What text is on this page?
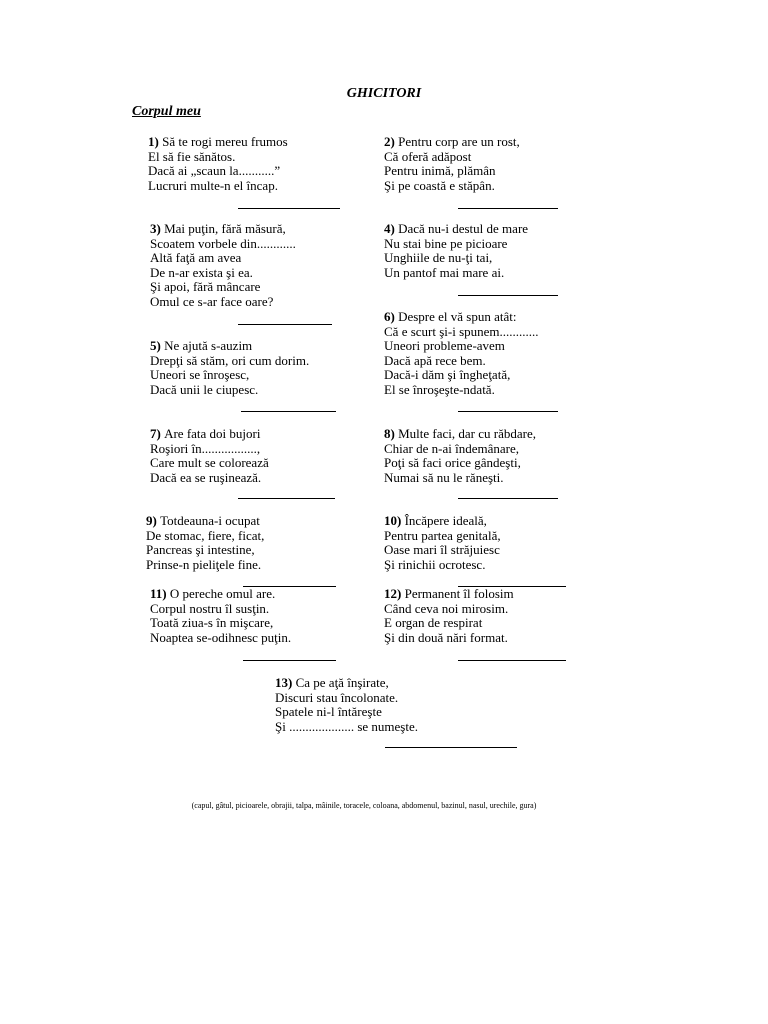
GHICITORI
Corpul meu
1) Să te rogi mereu frumos
El să fie sănătos.
Dacă ai „scaun la...........”
Lucruri multe-n el încap.
2) Pentru corp are un rost,
Că oferă adăpost
Pentru inimă, plămân
Şi pe coastă e stăpân.
3) Mai puţin, fără măsură,
Scoatem vorbele din............
Altă faţă am avea
De n-ar exista şi ea.
Şi apoi, fără mâncare
Omul ce s-ar face oare?
4) Dacă nu-i destul de mare
Nu stai bine pe picioare
Unghiile de nu-ţi tai,
Un pantof mai mare ai.
5) Ne ajută s-auzim
Drepţi să stăm, ori cum dorim.
Uneori se înroşesc,
Dacă unii le ciupesc.
6) Despre el vă spun atât:
Că e scurt şi-i spunem............
Uneori probleme-avem
Dacă apă rece bem.
Dacă-i dăm şi îngheţată,
El se înroşeşte-ndată.
7) Are fata doi bujori
Roşiori în.................,
Care mult se colorează
Dacă ea se ruşinează.
8) Multe faci, dar cu răbdare,
Chiar de n-ai îndemânare,
Poţi să faci orice gândeşti,
Numai să nu le răneşti.
9) Totdeauna-i ocupat
De stomac, fiere, ficat,
Pancreas şi intestine,
Prinse-n pieliţele fine.
10) Încăpere ideală,
Pentru partea genitală,
Oase mari îl străjuiesc
Şi rinichii ocrotesc.
11) O pereche omul are.
Corpul nostru îl susţin.
Toată ziua-s în mişcare,
Noaptea se-odihnesc puţin.
12) Permanent îl folosim
Când ceva noi mirosim.
E organ de respirat
Şi din două nări format.
13) Ca pe aţă înşirate,
Discuri stau încolonate.
Spatele ni-l întăreşte
Şi .................... se numeşte.
(capul, gâtul, picioarele, obrajii, talpa, mâinile, toracele, coloana, abdomenul, bazinul, nasul, urechile, gura)
